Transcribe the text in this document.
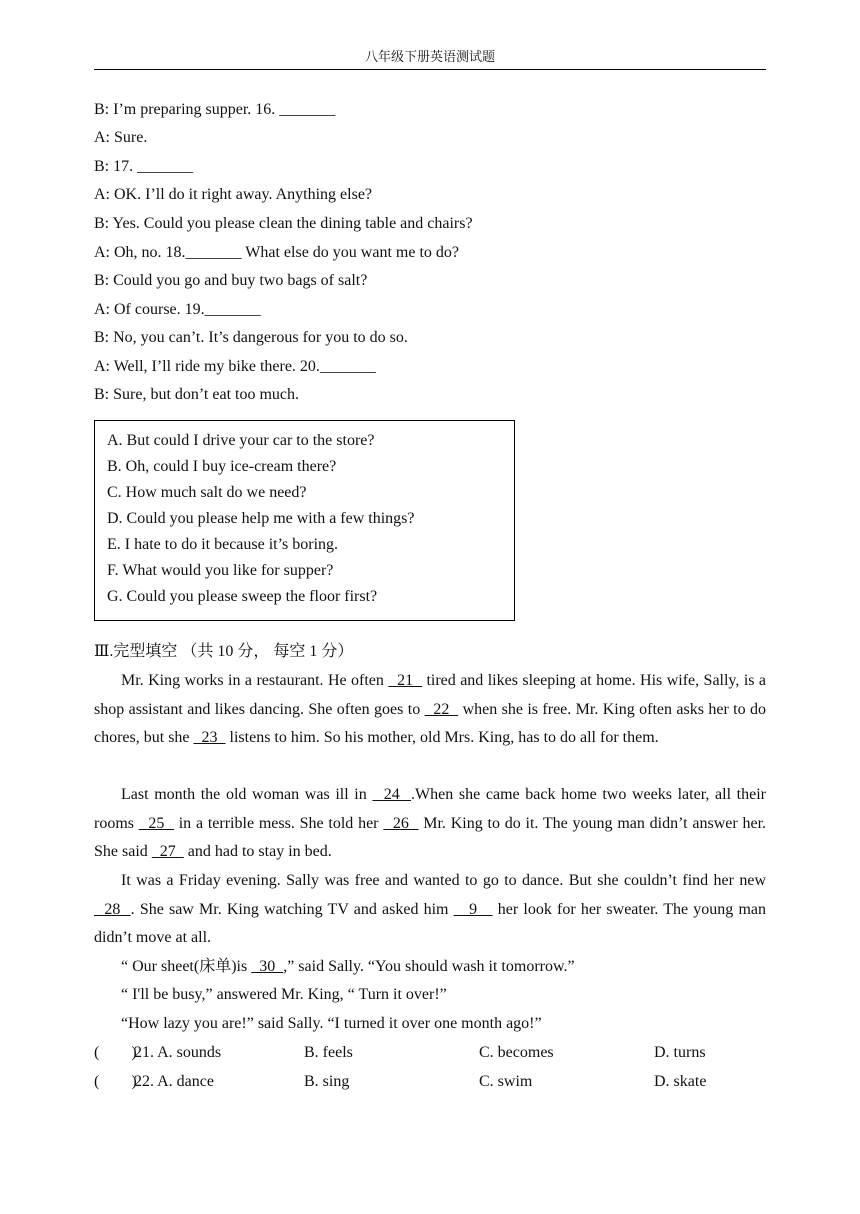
八年级下册英语测试题
B: I’m preparing supper. 16. _______
A: Sure.
B: 17. _______
A: OK. I’ll do it right away. Anything else?
B: Yes. Could you please clean the dining table and chairs?
A: Oh, no. 18._______ What else do you want me to do?
B: Could you go and buy two bags of salt?
A: Of course. 19._______
B: No, you can’t. It’s dangerous for you to do so.
A: Well, I’ll ride my bike there. 20._______
B: Sure, but don’t eat too much.
A. But could I drive your car to the store?
B. Oh, could I buy ice-cream there?
C. How much salt do we need?
D. Could you please help me with a few things?
E. I hate to do it because it’s boring.
F. What would you like for supper?
G. Could you please sweep the floor first?
Ⅲ.完型填空 （共 10 分， 每空 1 分）

Mr. King works in a restaurant. He often   21   tired and likes sleeping at home. His wife, Sally, is a shop assistant and likes dancing. She often goes to   22   when she is free. Mr. King often asks her to do chores, but she   23   listens to him. So his mother, old Mrs. King, has to do all for them.

Last month the old woman was ill in   24  .When she came back home two weeks later, all their rooms   25   in a terrible mess. She told her   26   Mr. King to do it. The young man didn’t answer her. She said   27   and had to stay in bed.

It was a Friday evening. Sally was free and wanted to go to dance. But she couldn’t find her new   28  . She saw Mr. King watching TV and asked him    9    her look for her sweater. The young man didn’t move at all.

“ Our sheet(床单)is   30  ,” said Sally. “You should wash it tomorrow.”

“ I'll be busy,” answered Mr. King, “ Turn it over!”

“How lazy you are!” said Sally. “I turned it over one month ago!”

(        )
21. A. sounds	B. feels	C. becomes	D. turns
(        )
22. A. dance	B. sing	C. swim	D. skate
